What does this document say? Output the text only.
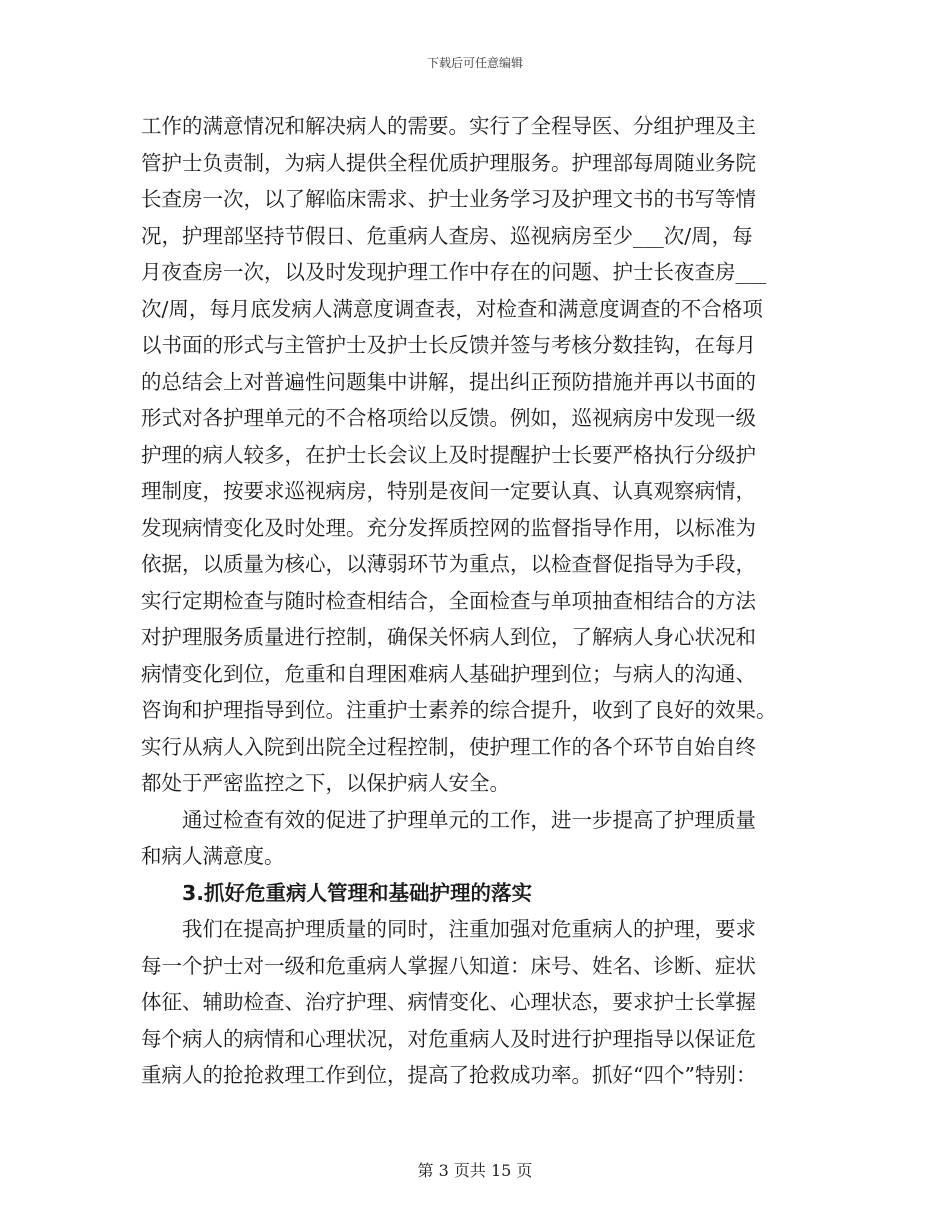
下载后可任意编辑

工作的满意情况和解决病人的需要。实行了全程导医、分组护理及主
管护士负责制，为病人提供全程优质护理服务。护理部每周随业务院
长查房一次，以了解临床需求、护士业务学习及护理文书的书写等情
况，护理部坚持节假日、危重病人查房、巡视病房至少___次/周，每
月夜查房一次，以及时发现护理工作中存在的问题、护士长夜查房___
次/周，每月底发病人满意度调查表，对检查和满意度调查的不合格项
以书面的形式与主管护士及护士长反馈并签与考核分数挂钩，在每月
的总结会上对普遍性问题集中讲解，提出纠正预防措施并再以书面的
形式对各护理单元的不合格项给以反馈。例如，巡视病房中发现一级
护理的病人较多，在护士长会议上及时提醒护士长要严格执行分级护
理制度，按要求巡视病房，特别是夜间一定要认真、认真观察病情，
发现病情变化及时处理。充分发挥质控网的监督指导作用，以标准为
依据，以质量为核心，以薄弱环节为重点，以检查督促指导为手段，
实行定期检查与随时检查相结合，全面检查与单项抽查相结合的方法
对护理服务质量进行控制，确保关怀病人到位，了解病人身心状况和
病情变化到位，危重和自理困难病人基础护理到位；与病人的沟通、
咨询和护理指导到位。注重护士素养的综合提升，收到了良好的效果。
实行从病人入院到出院全过程控制，使护理工作的各个环节自始自终
都处于严密监控之下，以保护病人安全。

通过检查有效的促进了护理单元的工作，进一步提高了护理质量
和病人满意度。

3.抓好危重病人管理和基础护理的落实

我们在提高护理质量的同时，注重加强对危重病人的护理，要求
每一个护士对一级和危重病人掌握八知道：床号、姓名、诊断、症状
体征、辅助检查、治疗护理、病情变化、心理状态，要求护士长掌握
每个病人的病情和心理状况，对危重病人及时进行护理指导以保证危
重病人的抢抢救理工作到位，提高了抢救成功率。抓好“四个”特别：

第 3 页共 15 页
